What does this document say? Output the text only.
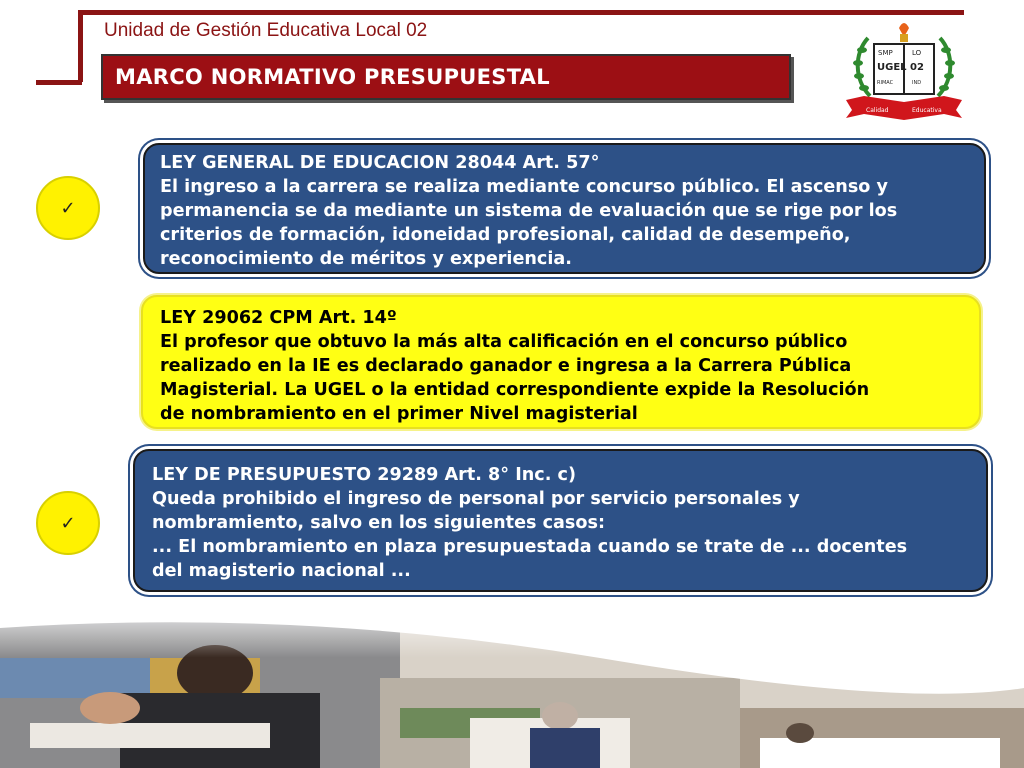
Unidad de Gestión Educativa Local 02
MARCO NORMATIVO PRESUPUESTAL
SMP	LO
UGEL 02
RIMAC	IND
Calidad	Educativa
✓
✓

LEY GENERAL DE EDUCACION 28044 Art. 57°

El ingreso a la carrera se realiza mediante concurso público. El ascenso y
permanencia se da mediante un sistema de evaluación que se rige por los
criterios de formación, idoneidad profesional, calidad de desempeño,
reconocimiento de méritos y experiencia.

LEY 29062 CPM Art. 14º

El profesor que obtuvo la más alta calificación en el concurso público
realizado en la IE es declarado ganador e ingresa a la Carrera Pública
Magisterial. La UGEL o la entidad correspondiente expide la Resolución
de nombramiento en el primer Nivel magisterial

LEY DE PRESUPUESTO 29289 Art. 8° Inc. c)

Queda prohibido el ingreso de personal por servicio personales y
nombramiento, salvo en los siguientes casos:
... El nombramiento en plaza presupuestada cuando se trate de ... docentes
del magisterio nacional ...
